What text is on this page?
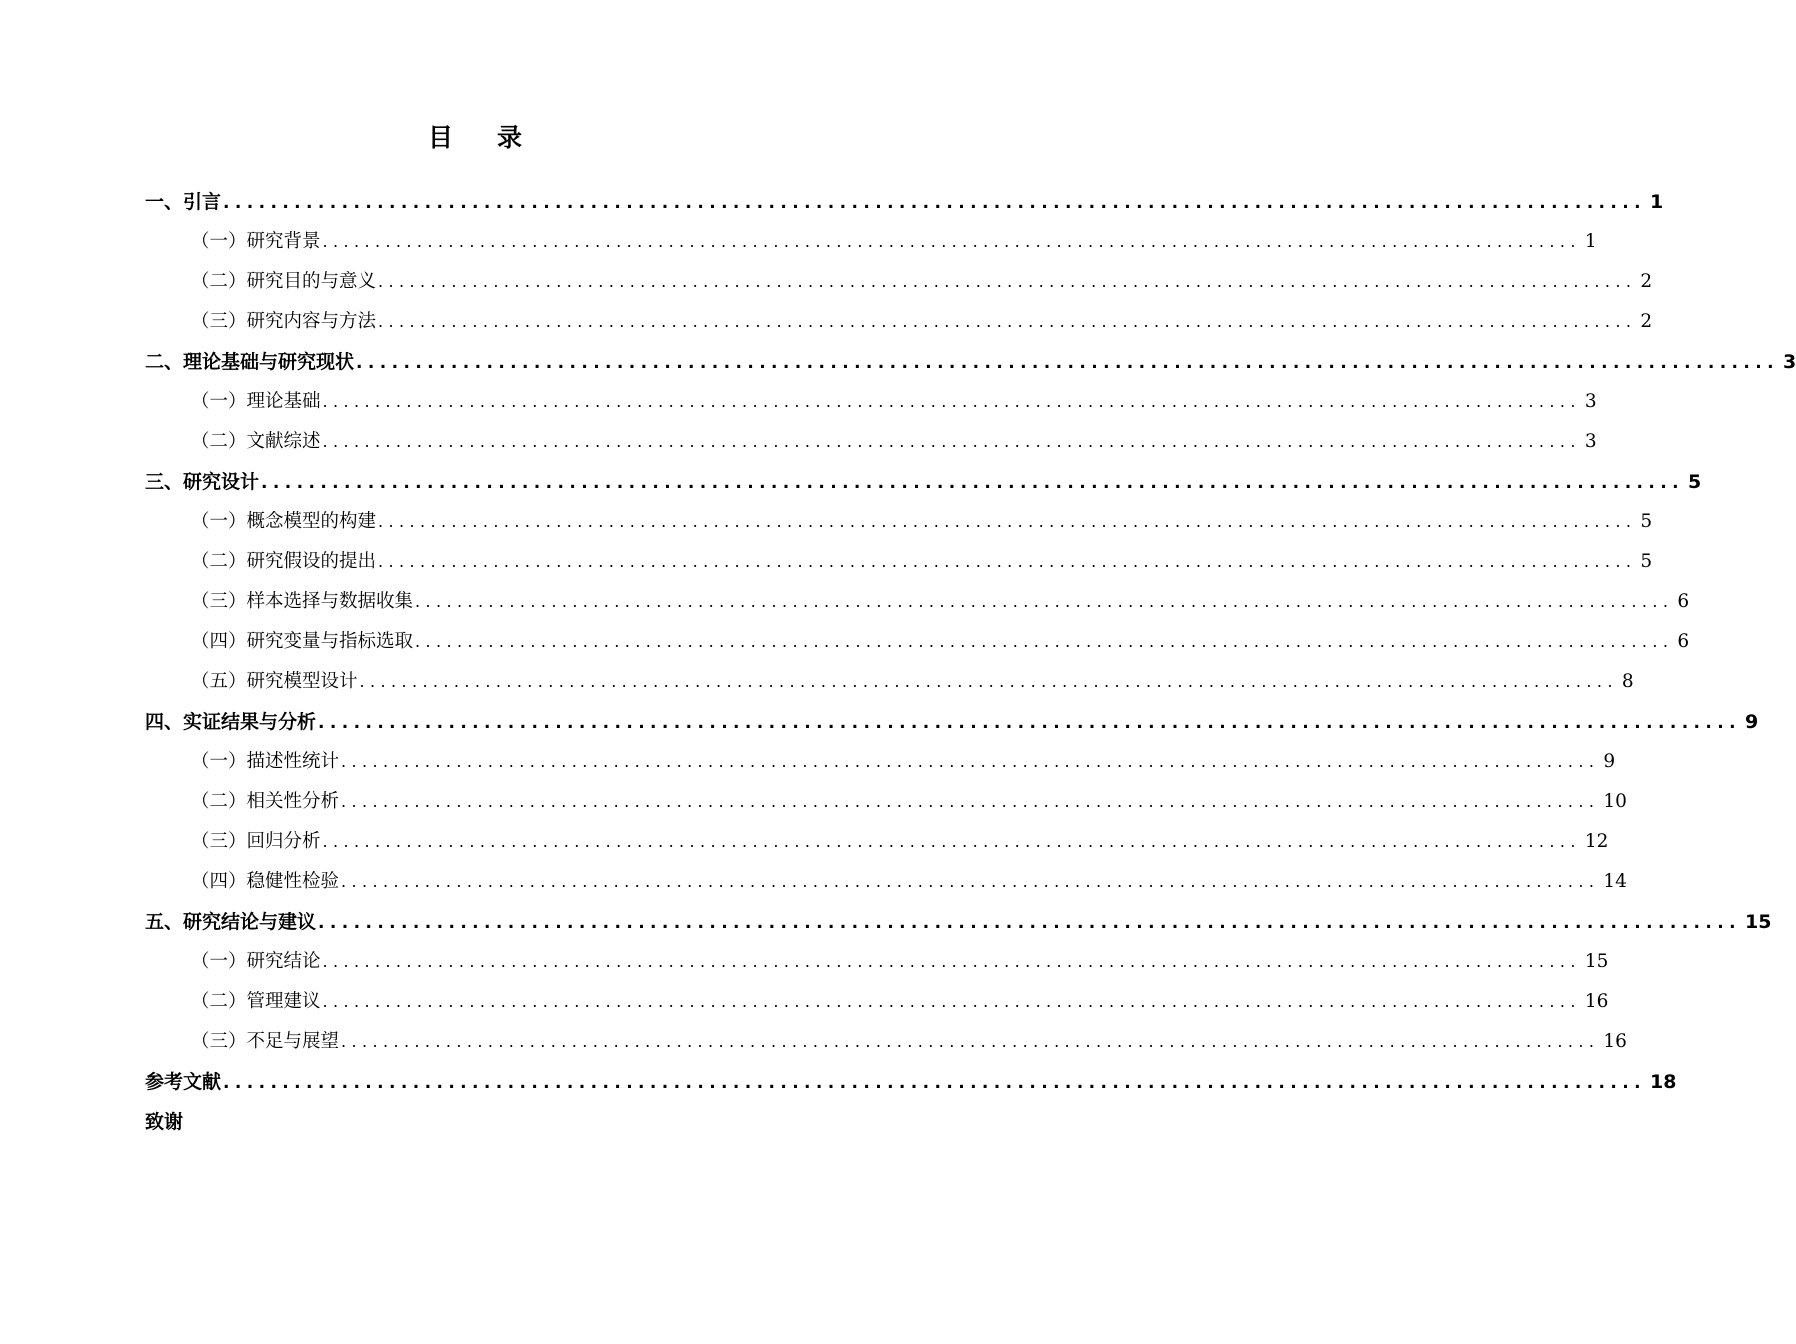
目 录
一、 引言 ........................................................................................................................ 1
（一） 研究背景 ........................................................................................................................ 1
（二） 研究目的与意义 ........................................................................................................................ 2
（三） 研究内容与方法 ........................................................................................................................ 2
二、 理论基础与研究现状 ........................................................................................................................ 3
（一） 理论基础 ........................................................................................................................ 3
（二） 文献综述 ........................................................................................................................ 3
三、 研究设计 ........................................................................................................................ 5
（一） 概念模型的构建 ........................................................................................................................ 5
（二） 研究假设的提出 ........................................................................................................................ 5
（三） 样本选择与数据收集 ........................................................................................................................ 6
（四） 研究变量与指标选取 ........................................................................................................................ 6
（五） 研究模型设计 ........................................................................................................................ 8
四、 实证结果与分析 ........................................................................................................................ 9
（一） 描述性统计 ........................................................................................................................ 9
（二） 相关性分析 ........................................................................................................................ 10
（三） 回归分析 ........................................................................................................................ 12
（四） 稳健性检验 ........................................................................................................................ 14
五、 研究结论与建议 ........................................................................................................................ 15
（一） 研究结论 ........................................................................................................................ 15
（二） 管理建议 ........................................................................................................................ 16
（三） 不足与展望 ........................................................................................................................ 16
参考文献 ........................................................................................................................ 18
致谢
